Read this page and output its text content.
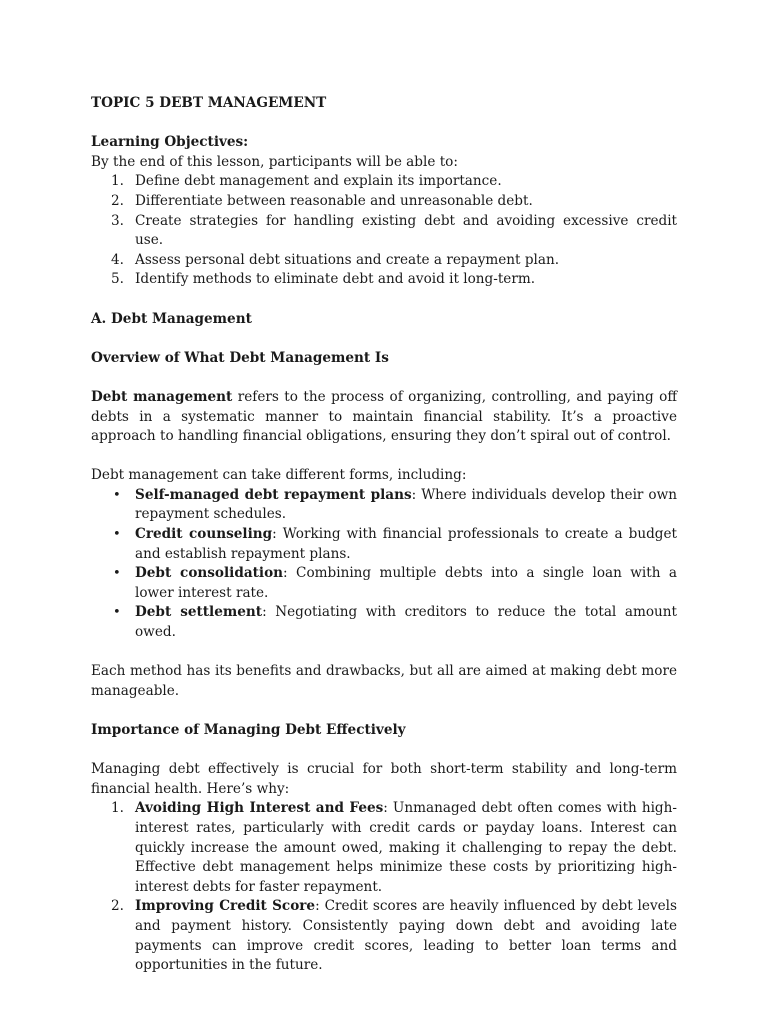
TOPIC 5 DEBT MANAGEMENT

Learning Objectives:

By the end of this lesson, participants will be able to:

1. Define debt management and explain its importance.
2. Differentiate between reasonable and unreasonable debt.
3. Create strategies for handling existing debt and avoiding excessive credit use.
4. Assess personal debt situations and create a repayment plan.
5. Identify methods to eliminate debt and avoid it long-term.

A. Debt Management

Overview of What Debt Management Is

Debt management refers to the process of organizing, controlling, and paying off debts in a systematic manner to maintain financial stability. It’s a proactive approach to handling financial obligations, ensuring they don’t spiral out of control.

Debt management can take different forms, including:

• Self-managed debt repayment plans: Where individuals develop their own repayment schedules.
• Credit counseling: Working with financial professionals to create a budget and establish repayment plans.
• Debt consolidation: Combining multiple debts into a single loan with a lower interest rate.
• Debt settlement: Negotiating with creditors to reduce the total amount owed.

Each method has its benefits and drawbacks, but all are aimed at making debt more manageable.

Importance of Managing Debt Effectively

Managing debt effectively is crucial for both short-term stability and long-term financial health. Here’s why:

1. Avoiding High Interest and Fees: Unmanaged debt often comes with high-interest rates, particularly with credit cards or payday loans. Interest can quickly increase the amount owed, making it challenging to repay the debt. Effective debt management helps minimize these costs by prioritizing high-interest debts for faster repayment.
2. Improving Credit Score: Credit scores are heavily influenced by debt levels and payment history. Consistently paying down debt and avoiding late payments can improve credit scores, leading to better loan terms and opportunities in the future.
